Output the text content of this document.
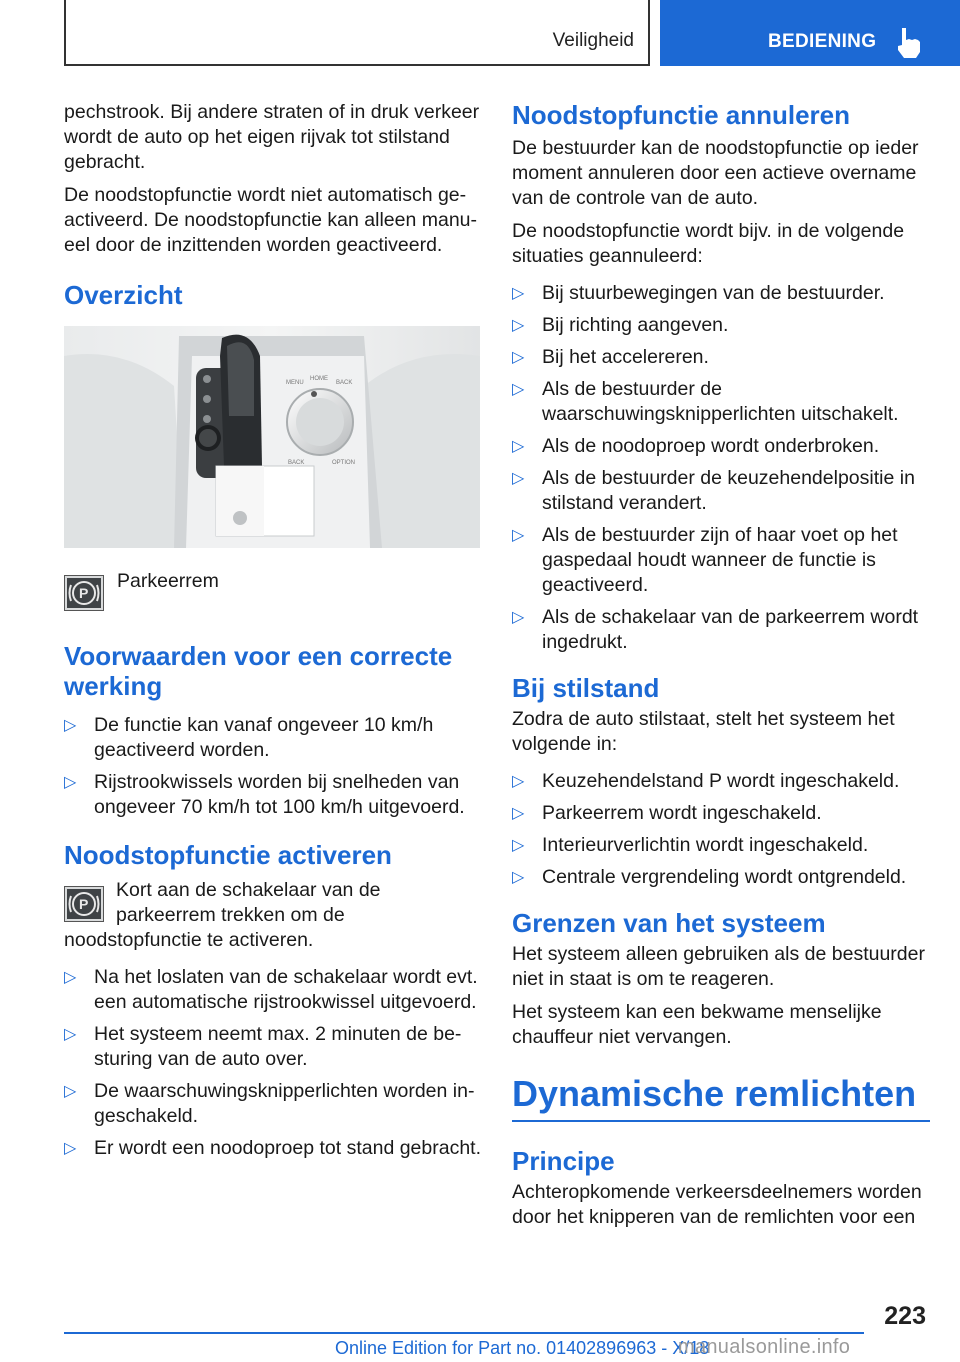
Veiligheid	BEDIENING

pechstrook. Bij andere straten of in druk verkeer wordt de auto op het eigen rijvak tot stilstand gebracht.

De noodstopfunctie wordt niet automatisch geactiveerd. De noodstopfunctie kan alleen manueel door de inzittenden worden geactiveerd.

Overzicht
MENU
HOME
BACK
BACK	OPTION
P
Parkeerrem
Voorwaarden voor een correcte werking
▷ De functie kan vanaf ongeveer 10 km/h geactiveerd worden.
▷ Rijstrookwissels worden bij snelheden van ongeveer 70 km/h tot 100 km/h uitgevoerd.
Noodstopfunctie activeren
P

Kort aan de schakelaar van de parkeerrem trekken om de noodstopfunctie te activeren.

▷ Na het loslaten van de schakelaar wordt evt. een automatische rijstrookwissel uitgevoerd.
▷ Het systeem neemt max. 2 minuten de besturing van de auto over.
▷ De waarschuwingsknipperlichten worden ingeschakeld.
▷ Er wordt een noodoproep tot stand gebracht.
Noodstopfunctie annuleren

De bestuurder kan de noodstopfunctie op ieder moment annuleren door een actieve overname van de controle van de auto.

De noodstopfunctie wordt bijv. in de volgende situaties geannuleerd:

▷ Bij stuurbewegingen van de bestuurder.
▷ Bij richting aangeven.
▷ Bij het accelereren.
▷ Als de bestuurder de waarschuwingsknipperlichten uitschakelt.
▷ Als de noodoproep wordt onderbroken.
▷ Als de bestuurder de keuzehendelpositie in stilstand verandert.
▷ Als de bestuurder zijn of haar voet op het gaspedaal houdt wanneer de functie is geactiveerd.
▷ Als de schakelaar van de parkeerrem wordt ingedrukt.
Bij stilstand

Zodra de auto stilstaat, stelt het systeem het volgende in:

▷ Keuzehendelstand P wordt ingeschakeld.
▷ Parkeerrem wordt ingeschakeld.
▷ Interieurverlichtin wordt ingeschakeld.
▷ Centrale vergrendeling wordt ontgrendeld.
Grenzen van het systeem

Het systeem alleen gebruiken als de bestuurder niet in staat is om te reageren.

Het systeem kan een bekwame menselijke chauffeur niet vervangen.

Dynamische remlichten
Principe

Achteropkomende verkeersdeelnemers worden door het knipperen van de remlichten voor een

223
Online Edition for Part no. 01402896963 - X/18
manualsonline.info
